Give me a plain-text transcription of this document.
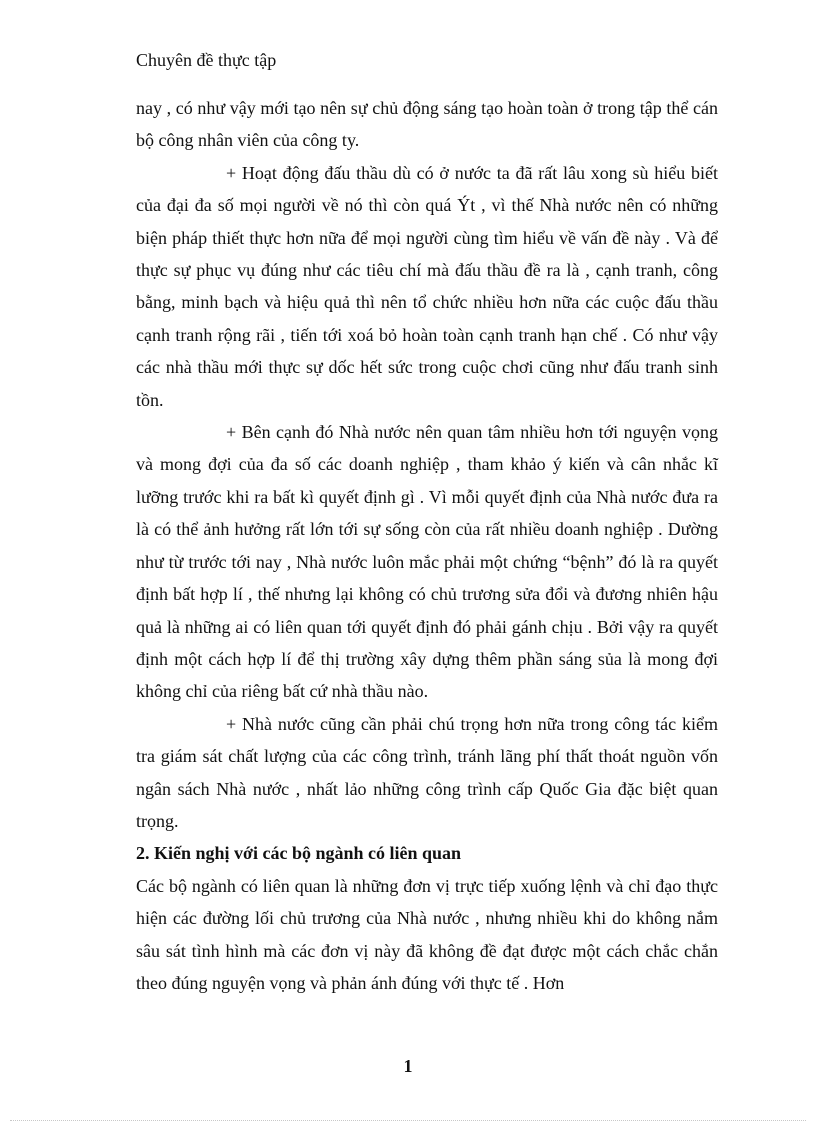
Chuyên đề thực tập

nay , có như vậy mới tạo nên sự chủ động sáng tạo hoàn toàn ở trong tập thể cán bộ công nhân viên của công ty.

+ Hoạt động đấu thầu dù có ở nước ta đã rất lâu xong sù hiểu biết của đại đa số mọi người về nó thì còn quá Ýt , vì thế Nhà nước nên có những biện pháp thiết thực hơn nữa để mọi người cùng tìm hiểu về vấn đề này . Và để thực sự phục vụ đúng như các tiêu chí mà đấu thầu đề ra là , cạnh tranh, công bằng, minh bạch và hiệu quả thì nên tổ chức nhiều hơn nữa các cuộc đấu thầu cạnh tranh rộng rãi , tiến tới xoá bỏ hoàn toàn cạnh tranh hạn chế . Có như vậy các nhà thầu mới thực sự dốc hết sức trong cuộc chơi cũng như đấu tranh sinh tồn.

+ Bên cạnh đó Nhà nước nên quan tâm nhiều hơn tới nguyện vọng và mong đợi của đa số các doanh nghiệp , tham khảo ý kiến và cân nhắc kĩ lưỡng trước khi ra bất kì quyết định gì . Vì mỗi quyết định của Nhà nước đưa ra là có thể ảnh hưởng rất lớn tới sự sống còn của rất nhiều doanh nghiệp . Dường như từ trước tới nay , Nhà nước luôn mắc phải một chứng “bệnh” đó là ra quyết định bất hợp lí , thế nhưng lại không có chủ trương sửa đổi và đương nhiên hậu quả là những ai có liên quan tới quyết định đó phải gánh chịu . Bởi vậy ra quyết định một cách hợp lí để thị trường xây dựng thêm phần sáng sủa là mong đợi không chỉ của riêng bất cứ nhà thầu nào.

+ Nhà nước cũng cần phải chú trọng hơn nữa trong công tác kiểm tra giám sát chất lượng của các công trình, tránh lãng phí thất thoát nguồn vốn ngân sách Nhà nước , nhất lảo những công trình cấp Quốc Gia đặc biệt quan trọng.

2. Kiến nghị với các bộ ngành có liên quan

Các bộ ngành có liên quan là những đơn vị trực tiếp xuống lệnh và chỉ đạo thực hiện các đường lối chủ trương của Nhà nước , nhưng nhiều khi do không nắm sâu sát tình hình mà các đơn vị này đã không đề đạt được một cách chắc chắn theo đúng nguyện vọng và phản ánh đúng với thực tế . Hơn

1
